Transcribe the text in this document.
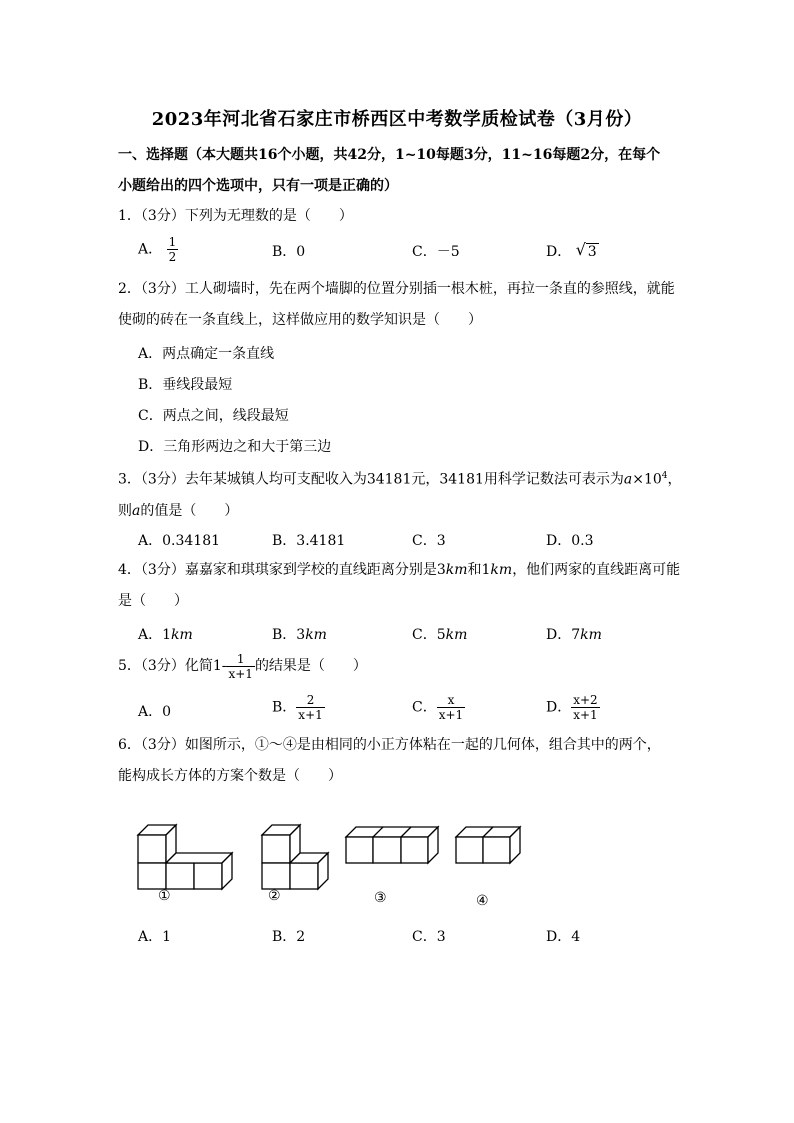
2023年河北省石家庄市桥西区中考数学质检试卷（3月份）
一、选择题（本大题共16个小题，共42分，1~10每题3分，11~16每题2分，在每个
小题给出的四个选项中，只有一项是正确的）
1．（3分）下列为无理数的是（　　）
A． $\frac{1}{2}$	B．0	C．－5	D． √ 3
2．（3分）工人砌墙时，先在两个墙脚的位置分别插一根木桩，再拉一条直的参照线，就能
使砌的砖在一条直线上，这样做应用的数学知识是（　　）
A．两点确定一条直线
B．垂线段最短
C．两点之间，线段最短
D．三角形两边之和大于第三边
3．（3分）去年某城镇人均可支配收入为34181元，34181用科学记数法可表示为$a\times 10^4$，
则a的值是（　　）
A．0.34181	B．3.4181	C．3	D．0.3
4．（3分）嘉嘉家和琪琪家到学校的直线距离分别是3km和1km，他们两家的直线距离可能
是（　　）
A．1km	B．3km	C．5km	D．7km
5．（3分）化简$1- \frac{1}{x+1}$ 的结果是（　　）
A．0	B． $\frac{2}{x+1}$	C． $\frac{x}{x+1}$	D． $\frac{x+2}{x+1}$
6．（3分）如图所示，①～④是由相同的小正方体粘在一起的几何体，组合其中的两个，
能构成长方体的方案个数是（　　）
①	②	③	④
A．1	B．2	C．3	D．4
